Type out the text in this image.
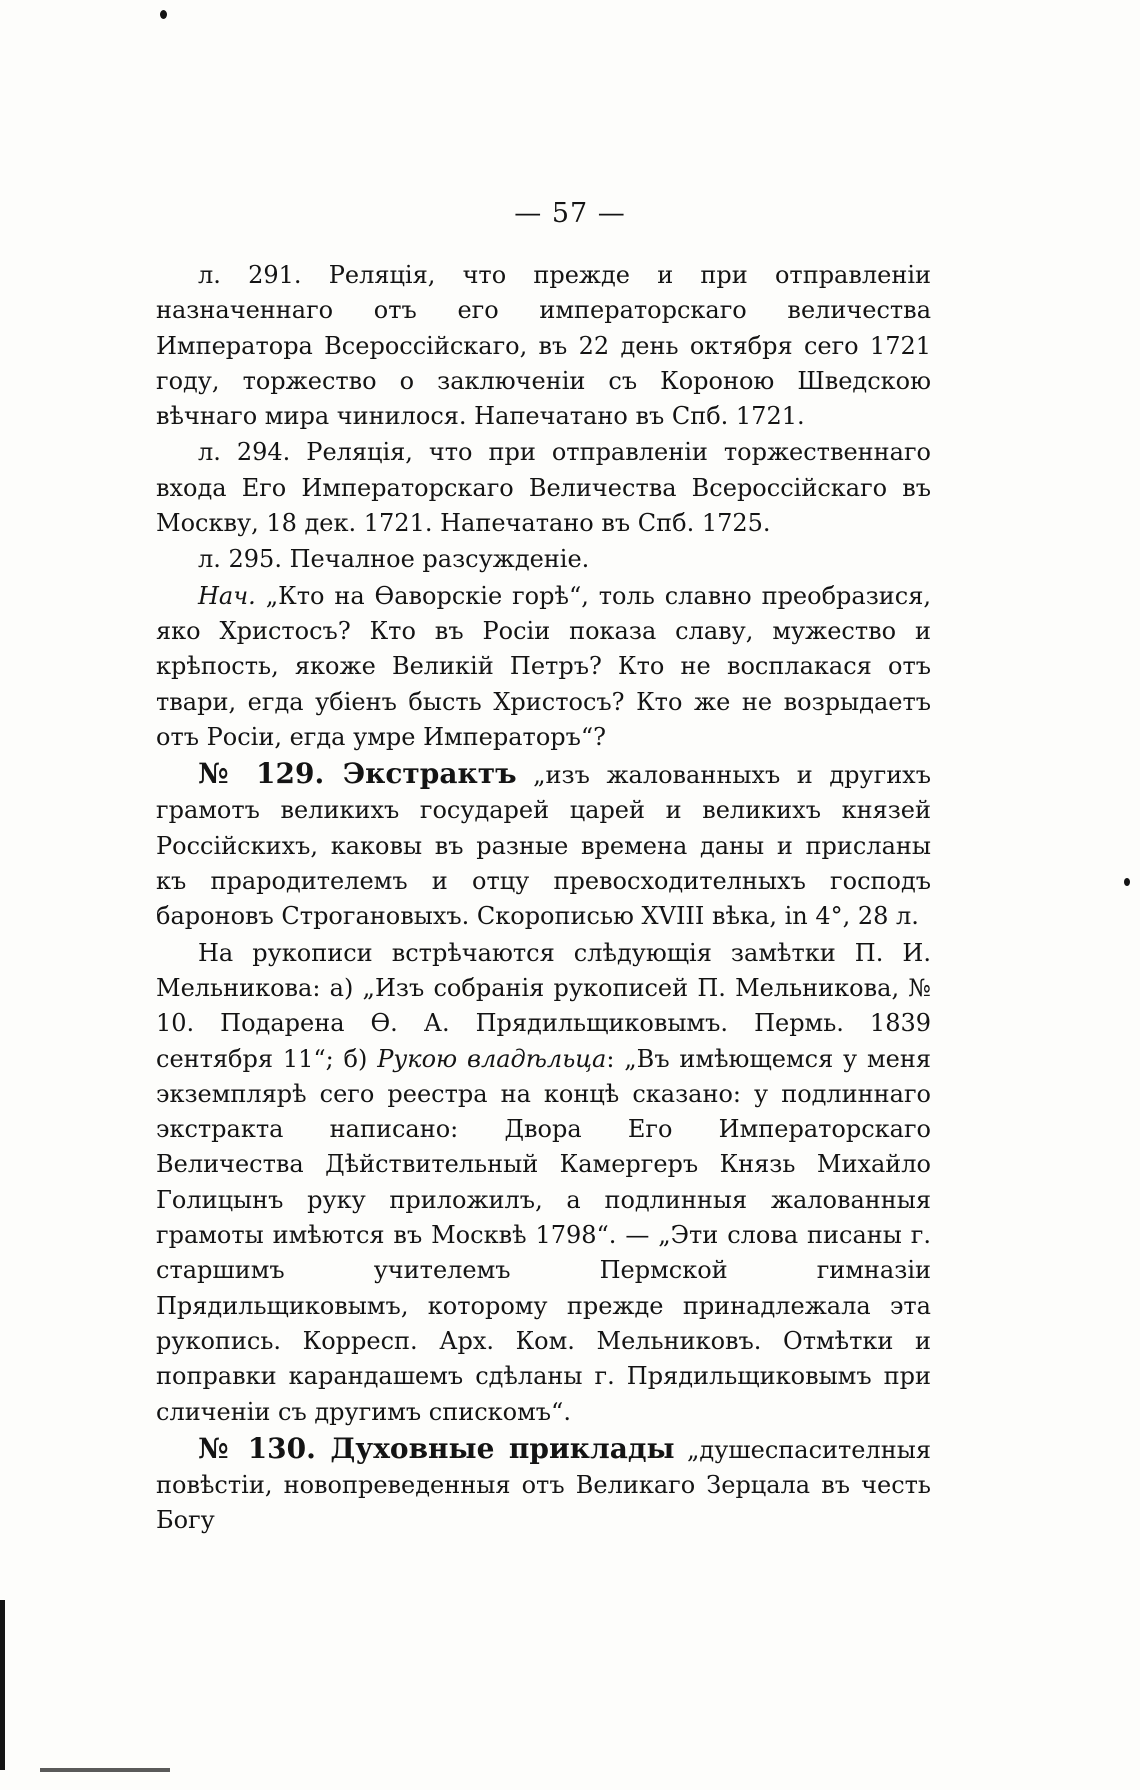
— 57 —

л. 291. Реляція, что прежде и при отправленіи назначеннаго отъ его императорскаго величества Императора Всероссійскаго, въ 22 день октября сего 1721 году, торжество о заключеніи съ Короною Шведскою вѣчнаго мира чинилося. Напечатано въ Спб. 1721.

л. 294. Реляція, что при отправленіи торжественнаго входа Его Императорскаго Величества Всероссійскаго въ Москву, 18 дек. 1721. Напечатано въ Спб. 1725.

л. 295. Печалное разсужденіе.

Нач. „Кто на Ѳаворскіе горѣ“, толь славно преобразися, яко Христосъ? Кто въ Росіи показа славу, мужество и крѣпость, якоже Великій Петръ? Кто не восплакася отъ твари, егда убіенъ бысть Христосъ? Кто же не возрыдаетъ отъ Росіи, егда умре Императоръ“?

№ 129. Экстрактъ „изъ жалованныхъ и другихъ грамотъ великихъ государей царей и великихъ князей Россійскихъ, каковы въ разные времена даны и присланы къ прародителемъ и отцу превосходителныхъ господъ бароновъ Строгановыхъ. Скорописью XVIII вѣка, in 4°, 28 л.

На рукописи встрѣчаются слѣдующія замѣтки П. И. Мельникова: а) „Изъ собранія рукописей П. Мельникова, № 10. Подарена Ѳ. А. Прядильщиковымъ. Пермь. 1839 сентября 11“; б) Рукою владѣльца: „Въ имѣющемся у меня экземплярѣ сего реестра на концѣ сказано: у подлиннаго экстракта написано: Двора Его Императорскаго Величества Дѣйствительный Камергеръ Князь Михайло Голицынъ руку приложилъ, а подлинныя жалованныя грамоты имѣются въ Москвѣ 1798“. — „Эти слова писаны г. старшимъ учителемъ Пермской гимназіи Прядильщиковымъ, которому прежде принадлежала эта рукопись. Корресп. Арх. Ком. Мельниковъ. Отмѣтки и поправки карандашемъ сдѣланы г. Прядильщиковымъ при сличеніи съ другимъ спискомъ“.

№ 130. Духовные приклады „душеспасителныя повѣстіи, новопреведенныя отъ Великаго Зерцала въ честь Богу
